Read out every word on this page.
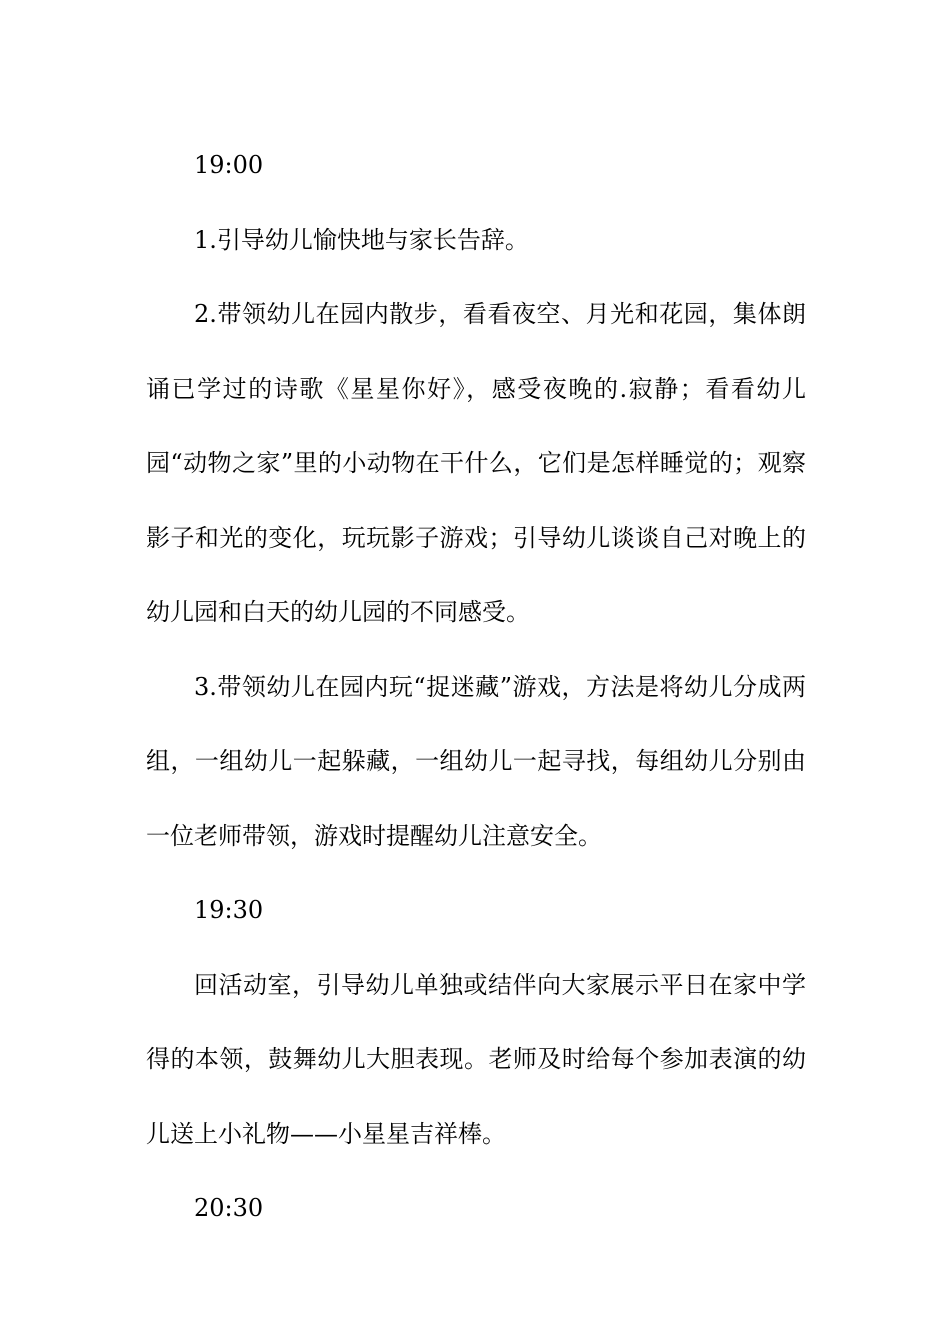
19:00

1.引导幼儿愉快地与家长告辞。

2.带领幼儿在园内散步，看看夜空、月光和花园，集体朗诵已学过的诗歌《星星你好》，感受夜晚的.寂静；看看幼儿园“动物之家”里的小动物在干什么，它们是怎样睡觉的；观察影子和光的变化，玩玩影子游戏；引导幼儿谈谈自己对晚上的幼儿园和白天的幼儿园的不同感受。

3.带领幼儿在园内玩“捉迷藏”游戏，方法是将幼儿分成两组，一组幼儿一起躲藏，一组幼儿一起寻找，每组幼儿分别由一位老师带领，游戏时提醒幼儿注意安全。

19:30

回活动室，引导幼儿单独或结伴向大家展示平日在家中学得的本领，鼓舞幼儿大胆表现。老师及时给每个参加表演的幼儿送上小礼物——小星星吉祥棒。

20:30
